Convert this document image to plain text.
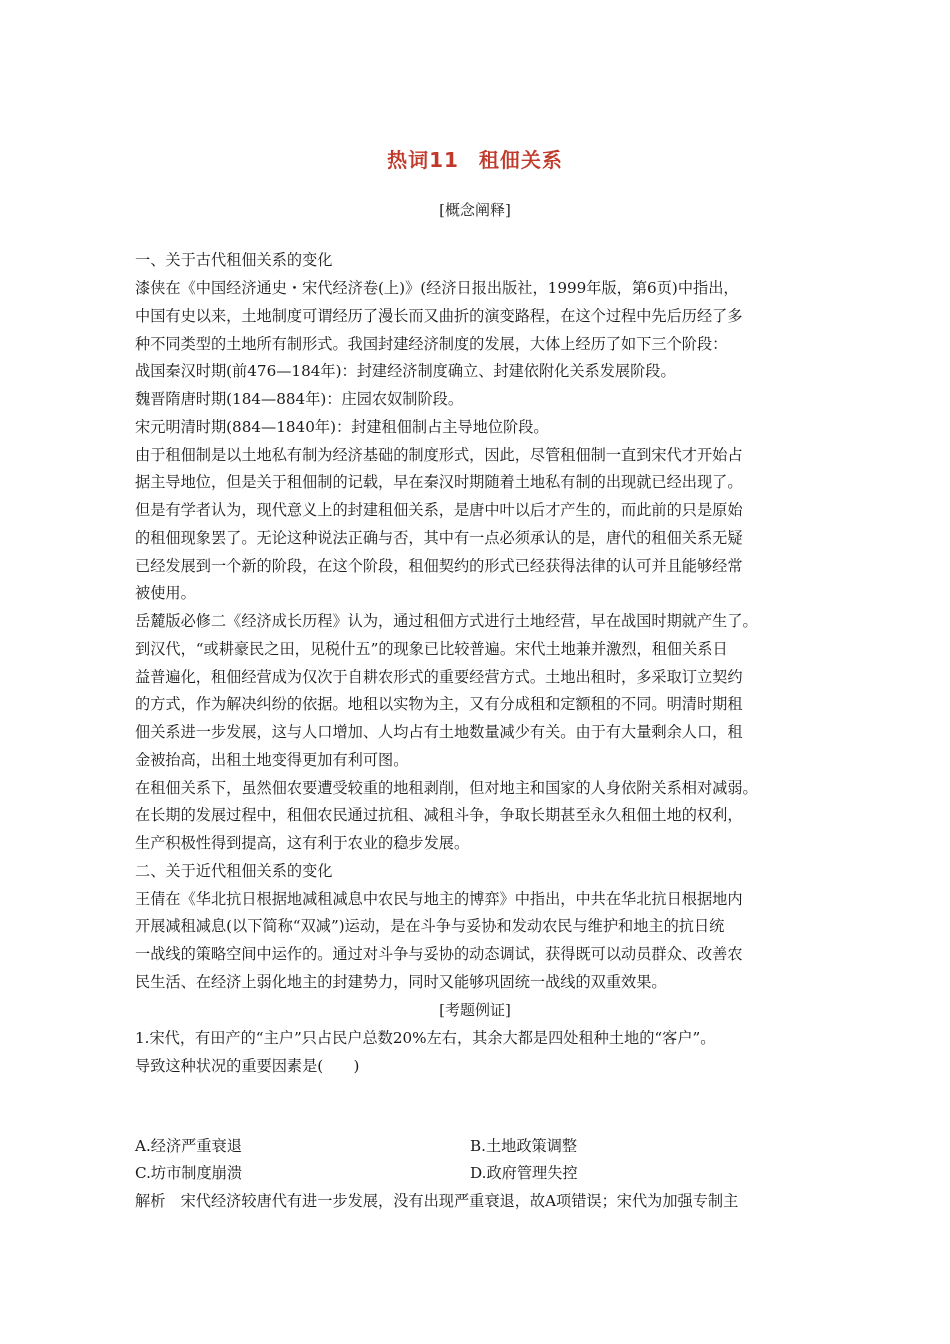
热词11 租佃关系
[概念阐释]
一、关于古代租佃关系的变化
漆侠在《中国经济通史・宋代经济卷(上)》(经济日报出版社，1999年版，第6页)中指出，
中国有史以来，土地制度可谓经历了漫长而又曲折的演变路程，在这个过程中先后历经了多
种不同类型的土地所有制形式。我国封建经济制度的发展，大体上经历了如下三个阶段：
战国秦汉时期(前476—184年)：封建经济制度确立、封建依附化关系发展阶段。
魏晋隋唐时期(184—884年)：庄园农奴制阶段。
宋元明清时期(884—1840年)：封建租佃制占主导地位阶段。
由于租佃制是以土地私有制为经济基础的制度形式，因此，尽管租佃制一直到宋代才开始占
据主导地位，但是关于租佃制的记载，早在秦汉时期随着土地私有制的出现就已经出现了。
但是有学者认为，现代意义上的封建租佃关系，是唐中叶以后才产生的，而此前的只是原始
的租佃现象罢了。无论这种说法正确与否，其中有一点必须承认的是，唐代的租佃关系无疑
已经发展到一个新的阶段，在这个阶段，租佃契约的形式已经获得法律的认可并且能够经常
被使用。
岳麓版必修二《经济成长历程》认为，通过租佃方式进行土地经营，早在战国时期就产生了。
到汉代，“或耕豪民之田，见税什五”的现象已比较普遍。宋代土地兼并激烈，租佃关系日
益普遍化，租佃经营成为仅次于自耕农形式的重要经营方式。土地出租时，多采取订立契约
的方式，作为解决纠纷的依据。地租以实物为主，又有分成租和定额租的不同。明清时期租
佃关系进一步发展，这与人口增加、人均占有土地数量减少有关。由于有大量剩余人口，租
金被抬高，出租土地变得更加有利可图。
在租佃关系下，虽然佃农要遭受较重的地租剥削，但对地主和国家的人身依附关系相对减弱。
在长期的发展过程中，租佃农民通过抗租、减租斗争，争取长期甚至永久租佃土地的权利，
生产积极性得到提高，这有利于农业的稳步发展。
二、关于近代租佃关系的变化
王倩在《华北抗日根据地减租减息中农民与地主的博弈》中指出，中共在华北抗日根据地内
开展减租减息(以下简称“双减”)运动，是在斗争与妥协和发动农民与维护和地主的抗日统
一战线的策略空间中运作的。通过对斗争与妥协的动态调试，获得既可以动员群众、改善农
民生活、在经济上弱化地主的封建势力，同时又能够巩固统一战线的双重效果。
[考题例证]
1.宋代，有田产的“主户”只占民户总数20%左右，其余大都是四处租种土地的“客户”。
导致这种状况的重要因素是(　　)
A.经济严重衰退	B.土地政策调整
C.坊市制度崩溃	D.政府管理失控
解析　宋代经济较唐代有进一步发展，没有出现严重衰退，故A项错误；宋代为加强专制主
